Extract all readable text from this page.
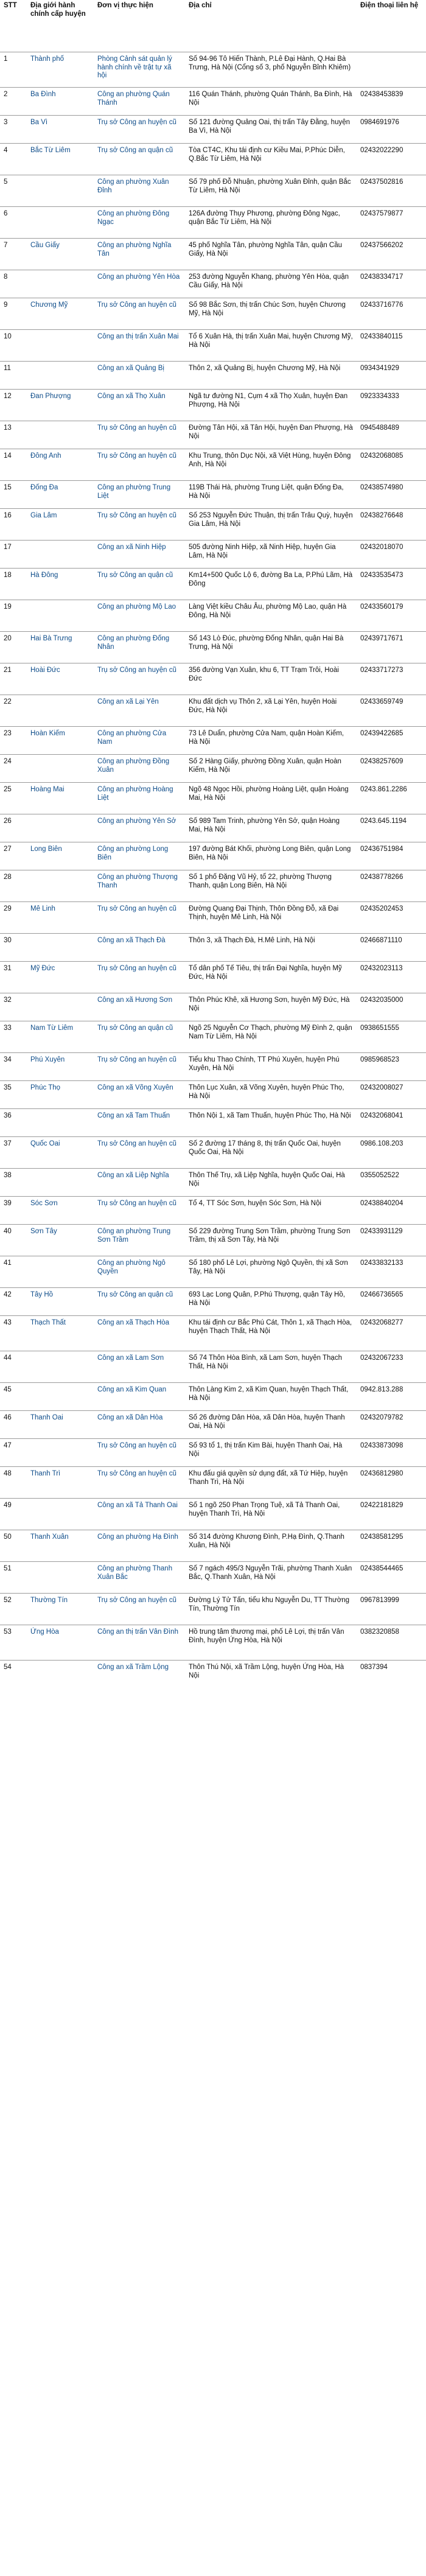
STT	Địa giới hành chính cấp huyện	Đơn vị thực hiện	Địa chỉ	Điện thoại liên hệ
1	Thành phố	Phòng Cảnh sát quản lý hành chính về trật tự xã hội	Số 94-96 Tô Hiến Thành, P.Lê Đại Hành, Q.Hai Bà Trưng, Hà Nội (Cổng số 3, phố Nguyễn Bỉnh Khiêm)	
2	Ba Đình	Công an phường Quán Thánh	116 Quán Thánh, phường Quán Thánh, Ba Đình, Hà Nội	02438453839
3	Ba Vì	Trụ sở Công an huyện cũ	Số 121 đường Quảng Oai, thị trấn Tây Đằng, huyện Ba Vì, Hà Nội	0984691976
4	Bắc Từ Liêm	Trụ sở Công an quận cũ	Tòa CT4C, Khu tái định cư Kiều Mai, P.Phúc Diễn, Q.Bắc Từ Liêm, Hà Nội	02432022290
5		Công an phường Xuân Đỉnh	Số 79 phố Đỗ Nhuận, phường Xuân Đỉnh, quận Bắc Từ Liêm, Hà Nội	02437502816
6		Công an phường Đông Ngạc	126A đường Thụy Phương, phường Đông Ngạc, quận Bắc Từ Liêm, Hà Nội	02437579877
7	Cầu Giấy	Công an phường Nghĩa Tân	45 phố Nghĩa Tân, phường Nghĩa Tân, quận Cầu Giấy, Hà Nội	02437566202
8		Công an phường Yên Hòa	253 đường Nguyễn Khang, phường Yên Hòa, quận Cầu Giấy, Hà Nội	02438334717
9	Chương Mỹ	Trụ sở Công an huyện cũ	Số 98 Bắc Sơn, thị trấn Chúc Sơn, huyện Chương Mỹ, Hà Nội	02433716776
10		Công an thị trấn Xuân Mai	Tổ 6 Xuân Hà, thị trấn Xuân Mai, huyện Chương Mỹ, Hà Nội	02433840115
11		Công an xã Quảng Bị	Thôn 2, xã Quảng Bị, huyện Chương Mỹ, Hà Nội	0934341929
12	Đan Phượng	Công an xã Thọ Xuân	Ngã tư đường N1, Cụm 4 xã Thọ Xuân, huyện Đan Phượng, Hà Nội	0923334333
13		Trụ sở Công an huyện cũ	Đường Tân Hội, xã Tân Hội, huyện Đan Phượng, Hà Nội	0945488489
14	Đông Anh	Trụ sở Công an huyện cũ	Khu Trung, thôn Dục Nội, xã Việt Hùng, huyện Đông Anh, Hà Nội	02432068085
15	Đống Đa	Công an phường Trung Liệt	119B Thái Hà, phường Trung Liệt, quận Đống Đa, Hà Nội	02438574980
16	Gia Lâm	Trụ sở Công an huyện cũ	Số 253 Nguyễn Đức Thuận, thị trấn Trâu Quỳ, huyện Gia Lâm, Hà Nội	02438276648
17		Công an xã Ninh Hiệp	505 đường Ninh Hiệp, xã Ninh Hiệp, huyện Gia Lâm, Hà Nội	02432018070
18	Hà Đông	Trụ sở Công an quận cũ	Km14+500 Quốc Lộ 6, đường Ba La, P.Phú Lãm, Hà Đông	02433535473
19		Công an phường Mộ Lao	Làng Việt kiều Châu Âu, phường Mộ Lao, quận Hà Đông, Hà Nội	02433560179
20	Hai Bà Trưng	Công an phường Đống Nhân	Số 143 Lò Đúc, phường Đống Nhân, quận Hai Bà Trưng, Hà Nội	02439717671
21	Hoài Đức	Trụ sở Công an huyện cũ	356 đường Vạn Xuân, khu 6, TT Trạm Trôi, Hoài Đức	02433717273
22		Công an xã Lại Yên	Khu đất dịch vụ Thôn 2, xã Lại Yên, huyện Hoài Đức, Hà Nội	02433659749
23	Hoàn Kiếm	Công an phường Cửa Nam	73 Lê Duẩn, phường Cửa Nam, quận Hoàn Kiếm, Hà Nội	02439422685
24		Công an phường Đồng Xuân	Số 2 Hàng Giấy, phường Đồng Xuân, quận Hoàn Kiếm, Hà Nội	02438257609
25	Hoàng Mai	Công an phường Hoàng Liệt	Ngõ 48 Ngọc Hồi, phường Hoàng Liệt, quận Hoàng Mai, Hà Nội	0243.861.2286
26		Công an phường Yên Sở	Số 989 Tam Trinh, phường Yên Sở, quận Hoàng Mai, Hà Nội	0243.645.1194
27	Long Biên	Công an phường Long Biên	197 đường Bát Khối, phường Long Biên, quận Long Biên, Hà Nội	02436751984
28		Công an phường Thượng Thanh	Số 1 phố Đặng Vũ Hỷ, tổ 22, phường Thượng Thanh, quận Long Biên, Hà Nội	02438778266
29	Mê Linh	Trụ sở Công an huyện cũ	Đường Quang Đại Thịnh, Thôn Đồng Đỗ, xã Đại Thịnh, huyện Mê Linh, Hà Nội	02435202453
30		Công an xã Thạch Đà	Thôn 3, xã Thạch Đà, H.Mê Linh, Hà Nội	02466871110
31	Mỹ Đức	Trụ sở Công an huyện cũ	Tổ dân phố Tế Tiêu, thị trấn Đại Nghĩa, huyện Mỹ Đức, Hà Nội	02432023113
32		Công an xã Hương Sơn	Thôn Phúc Khê, xã Hương Sơn, huyện Mỹ Đức, Hà Nội	02432035000
33	Nam Từ Liêm	Trụ sở Công an quận cũ	Ngõ 25 Nguyễn Cơ Thạch, phường Mỹ Đình 2, quận Nam Từ Liêm, Hà Nội	0938651555
34	Phú Xuyên	Trụ sở Công an huyện cũ	Tiểu khu Thao Chính, TT Phú Xuyên, huyện Phú Xuyên, Hà Nội	0985968523
35	Phúc Thọ	Công an xã Võng Xuyên	Thôn Lục Xuân, xã Võng Xuyên, huyện Phúc Thọ, Hà Nội	02432008027
36		Công an xã Tam Thuấn	Thôn Nội 1, xã Tam Thuấn, huyện Phúc Thọ, Hà Nội	02432068041
37	Quốc Oai	Trụ sở Công an huyện cũ	Số 2 đường 17 tháng 8, thị trấn Quốc Oai, huyện Quốc Oai, Hà Nội	0986.108.203
38		Công an xã Liệp Nghĩa	Thôn Thế Trụ, xã Liệp Nghĩa, huyện Quốc Oai, Hà Nội	0355052522
39	Sóc Sơn	Trụ sở Công an huyện cũ	Tổ 4, TT Sóc Sơn, huyện Sóc Sơn, Hà Nội	02438840204
40	Sơn Tây	Công an phường Trung Sơn Trầm	Số 229 đường Trung Sơn Trầm, phường Trung Sơn Trầm, thị xã Sơn Tây, Hà Nội	02433931129
41		Công an phường Ngô Quyền	Số 180 phố Lê Lợi, phường Ngô Quyền, thị xã Sơn Tây, Hà Nội	02433832133
42	Tây Hồ	Trụ sở Công an quận cũ	693 Lạc Long Quân, P.Phú Thượng, quận Tây Hồ, Hà Nội	02466736565
43	Thạch Thất	Công an xã Thạch Hòa	Khu tái định cư Bắc Phú Cát, Thôn 1, xã Thạch Hòa, huyện Thạch Thất, Hà Nội	02432068277
44		Công an xã Lam Sơn	Số 74 Thôn Hòa Bình, xã Lam Sơn, huyện Thạch Thất, Hà Nội	02432067233
45		Công an xã Kim Quan	Thôn Làng Kim 2, xã Kim Quan, huyện Thạch Thất, Hà Nội	0942.813.288
46	Thanh Oai	Công an xã Dân Hòa	Số 26 đường Dân Hòa, xã Dân Hòa, huyện Thanh Oai, Hà Nội	02432079782
47		Trụ sở Công an huyện cũ	Số 93 tổ 1, thị trấn Kim Bài, huyện Thanh Oai, Hà Nội	02433873098
48	Thanh Trì	Trụ sở Công an huyện cũ	Khu đấu giá quyền sử dụng đất, xã Tứ Hiệp, huyện Thanh Trì, Hà Nội	02436812980
49		Công an xã Tả Thanh Oai	Số 1 ngõ 250 Phan Trọng Tuệ, xã Tả Thanh Oai, huyện Thanh Trì, Hà Nội	02422181829
50	Thanh Xuân	Công an phường Hạ Đình	Số 314 đường Khương Đình, P.Hạ Đình, Q.Thanh Xuân, Hà Nội	02438581295
51		Công an phường Thanh Xuân Bắc	Số 7 ngách 495/3 Nguyễn Trãi, phường Thanh Xuân Bắc, Q.Thanh Xuân, Hà Nội	02438544465
52	Thường Tín	Trụ sở Công an huyện cũ	Đường Lý Tử Tấn, tiểu khu Nguyễn Du, TT Thường Tín, Thường Tín	0967813999
53	Ứng Hòa	Công an thị trấn Vân Đình	Hồ trung tâm thương mại, phố Lê Lợi, thị trấn Vân Đình, huyện Ứng Hòa, Hà Nội	0382320858
54		Công an xã Trầm Lộng	Thôn Thú Nội, xã Trầm Lộng, huyện Ứng Hòa, Hà Nội	0837394
